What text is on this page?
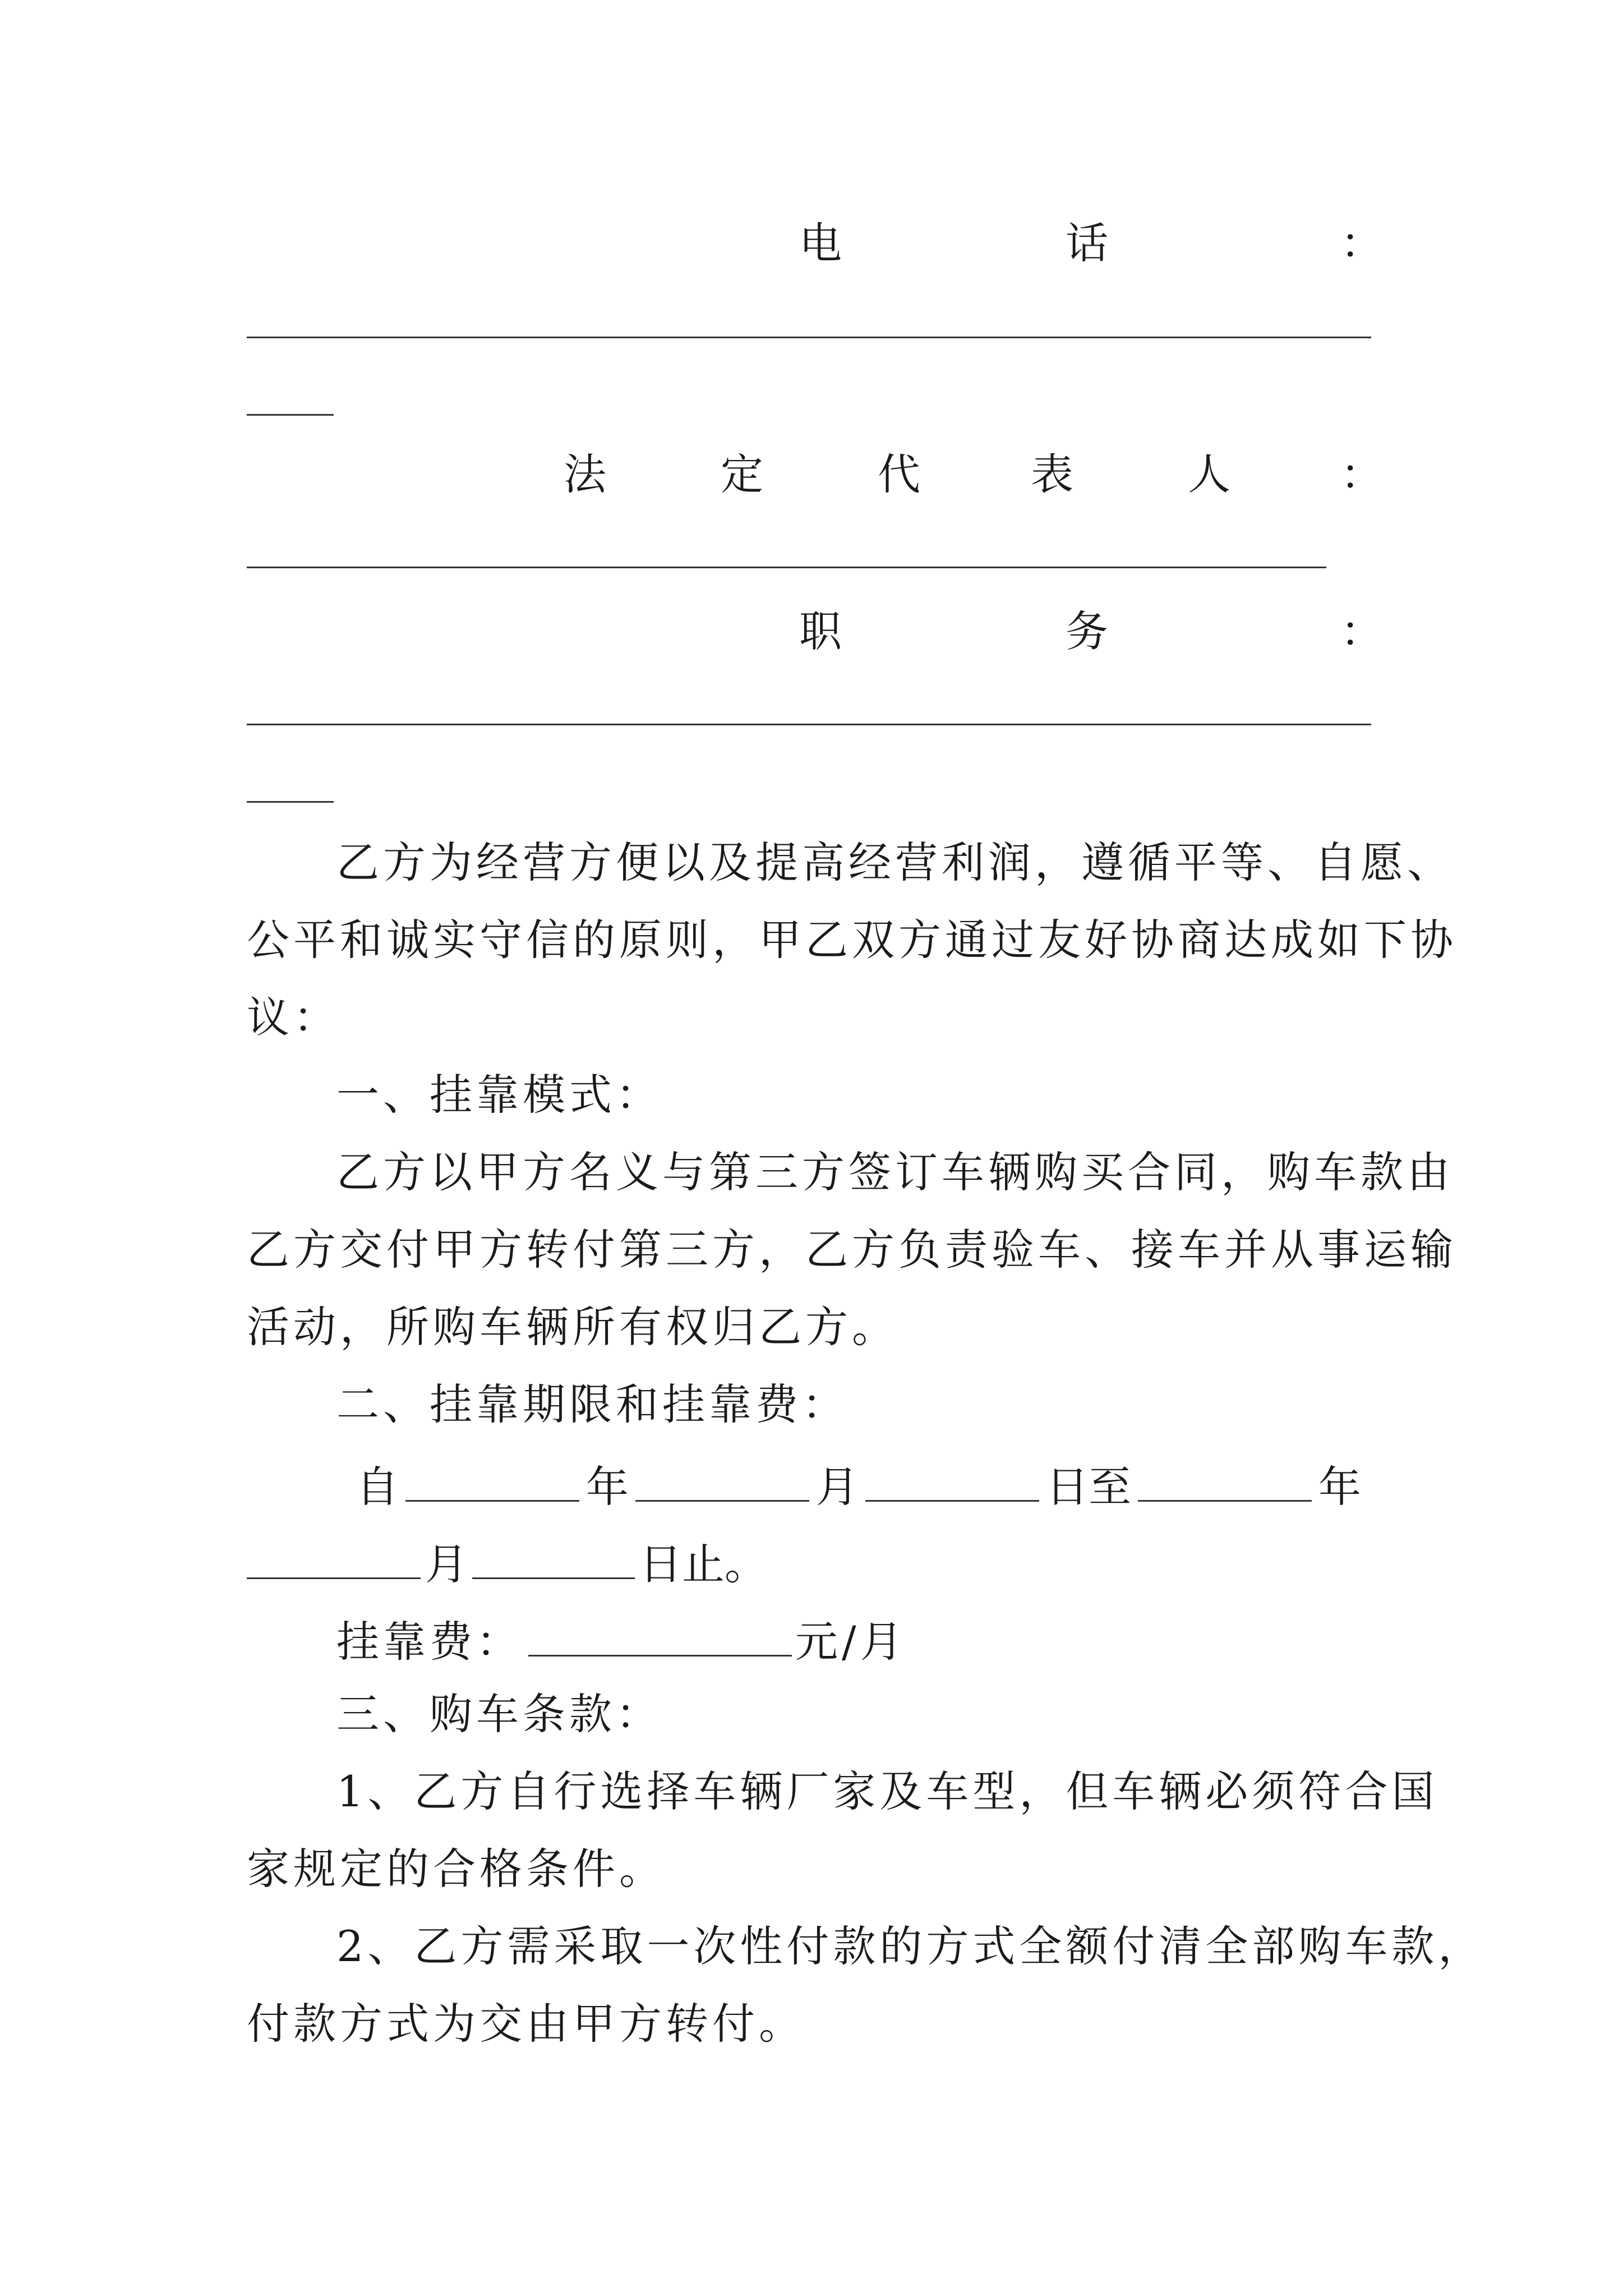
电	话	：
法	定	代	表	人	：
职	务	：
乙方为经营方便以及提高经营利润，遵循平等、自愿、
公平和诚实守信的原则，甲乙双方通过友好协商达成如下协
议：
一、挂靠模式：
乙方以甲方名义与第三方签订车辆购买合同，购车款由
乙方交付甲方转付第三方，乙方负责验车、接车并从事运输
活动，所购车辆所有权归乙方。
二、挂靠期限和挂靠费：
自	年	月	日至	年
月	日止。
挂靠费：	元/月
三、购车条款：
1、乙方自行选择车辆厂家及车型，但车辆必须符合国
家规定的合格条件。
2、乙方需采取一次性付款的方式全额付清全部购车款，
付款方式为交由甲方转付。
